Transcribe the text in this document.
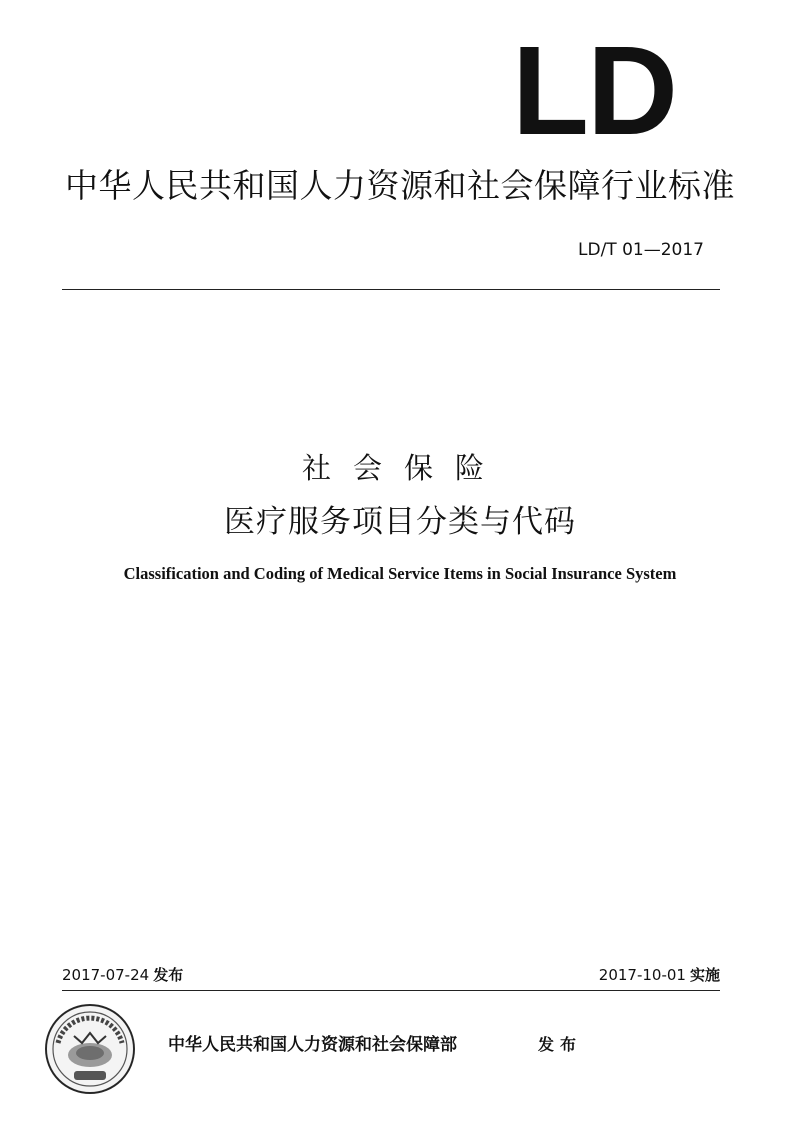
LD
中华人民共和国人力资源和社会保障行业标准
LD/T 01—2017
社会保险
医疗服务项目分类与代码
Classification and Coding of Medical Service Items in Social Insurance System
2017-07-24 发布	2017-10-01 实施
中华人民共和国人力资源和社会保障部	发布
